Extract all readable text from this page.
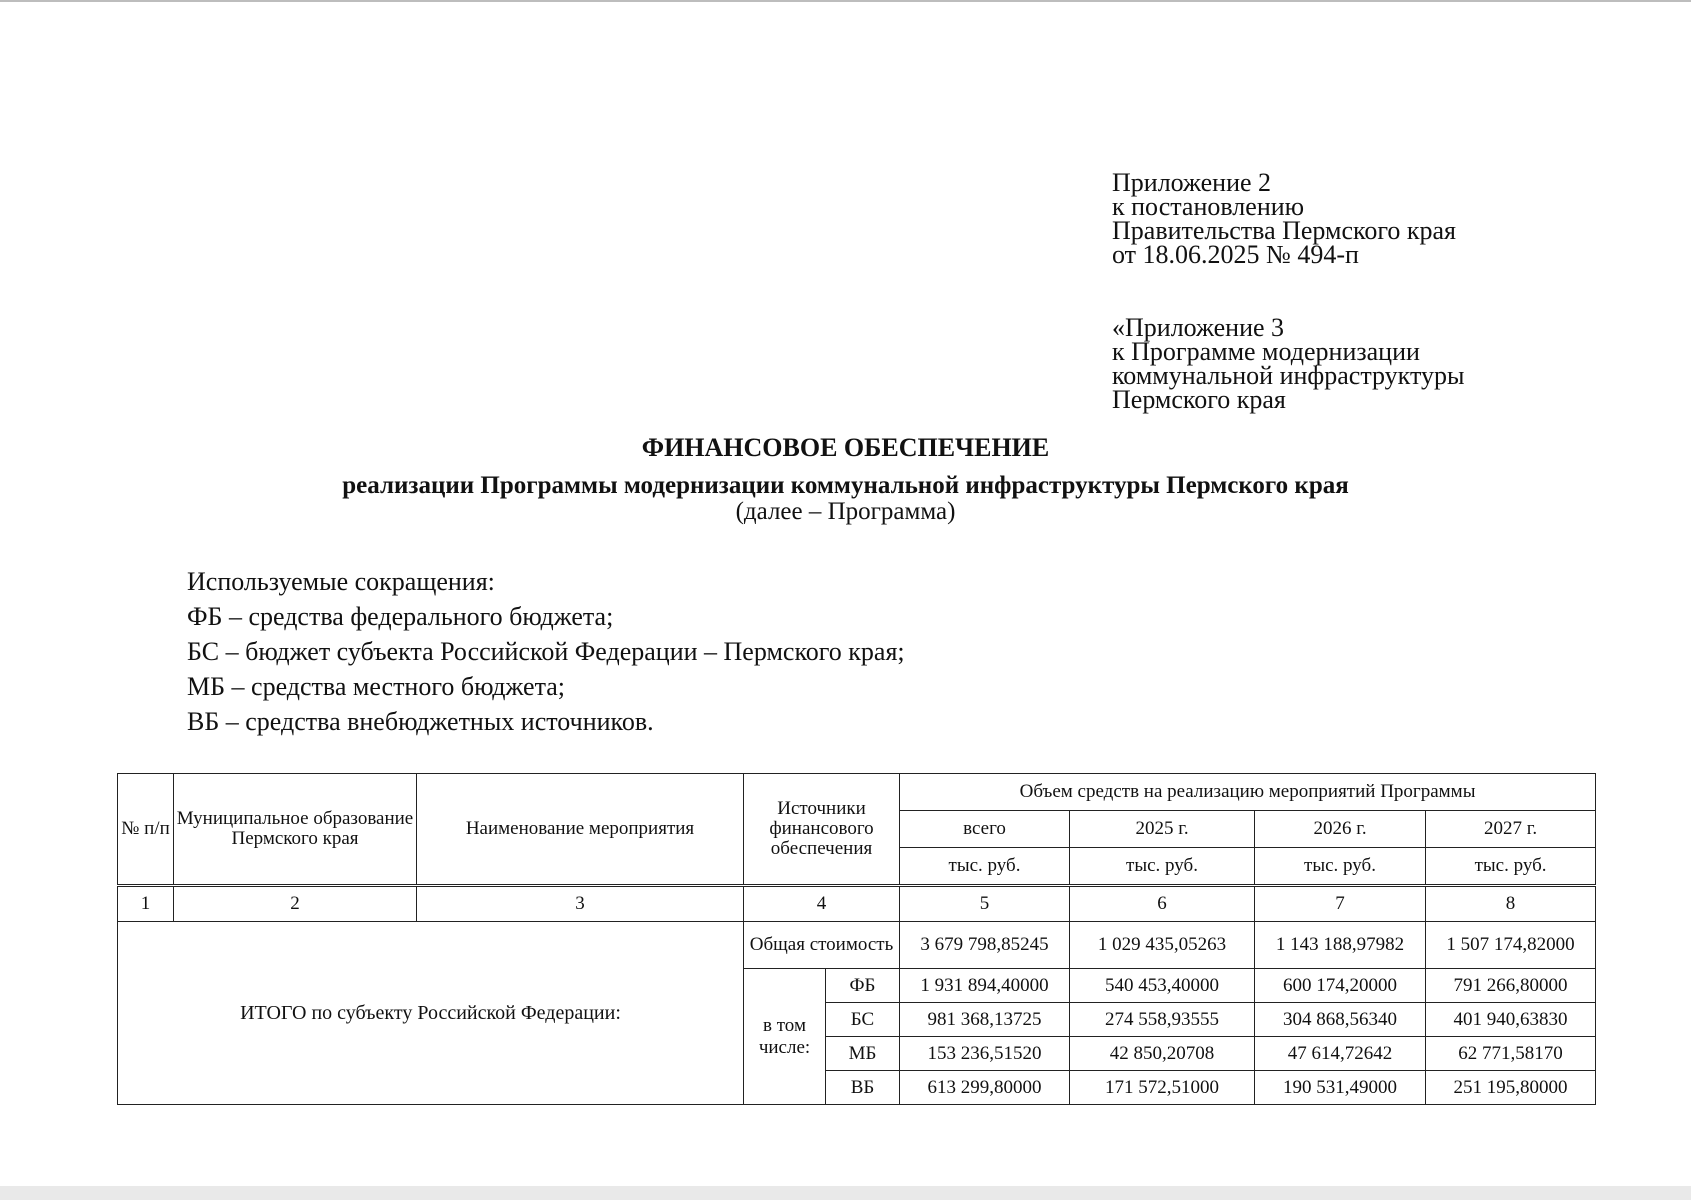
Приложение 2
к постановлению
Правительства Пермского края
от 18.06.2025 № 494-п
«Приложение 3
к Программе модернизации
коммунальной инфраструктуры
Пермского края
ФИНАНСОВОЕ ОБЕСПЕЧЕНИЕ
реализации Программы модернизации коммунальной инфраструктуры Пермского края
(далее – Программа)
Используемые сокращения:
ФБ – средства федерального бюджета;
БС – бюджет субъекта Российской Федерации – Пермского края;
МБ – средства местного бюджета;
ВБ – средства внебюджетных источников.
№ п/п	Муниципальное образование Пермского края	Наименование мероприятия	Источники финансового обеспечения		Объем средств на реализацию мероприятий Программы			
					всего	2025 г.	2026 г.	2027 г.
					тыс. руб.	тыс. руб.	тыс. руб.	тыс. руб.
1	2	3	4		5	6	7	8
ИТОГО по субъекту Российской Федерации:			Общая стоимость		3 679 798,85245	1 029 435,05263	1 143 188,97982	1 507 174,82000
			в том числе:	ФБ	1 931 894,40000	540 453,40000	600 174,20000	791 266,80000
				БС	981 368,13725	274 558,93555	304 868,56340	401 940,63830
				МБ	153 236,51520	42 850,20708	47 614,72642	62 771,58170
				ВБ	613 299,80000	171 572,51000	190 531,49000	251 195,80000
